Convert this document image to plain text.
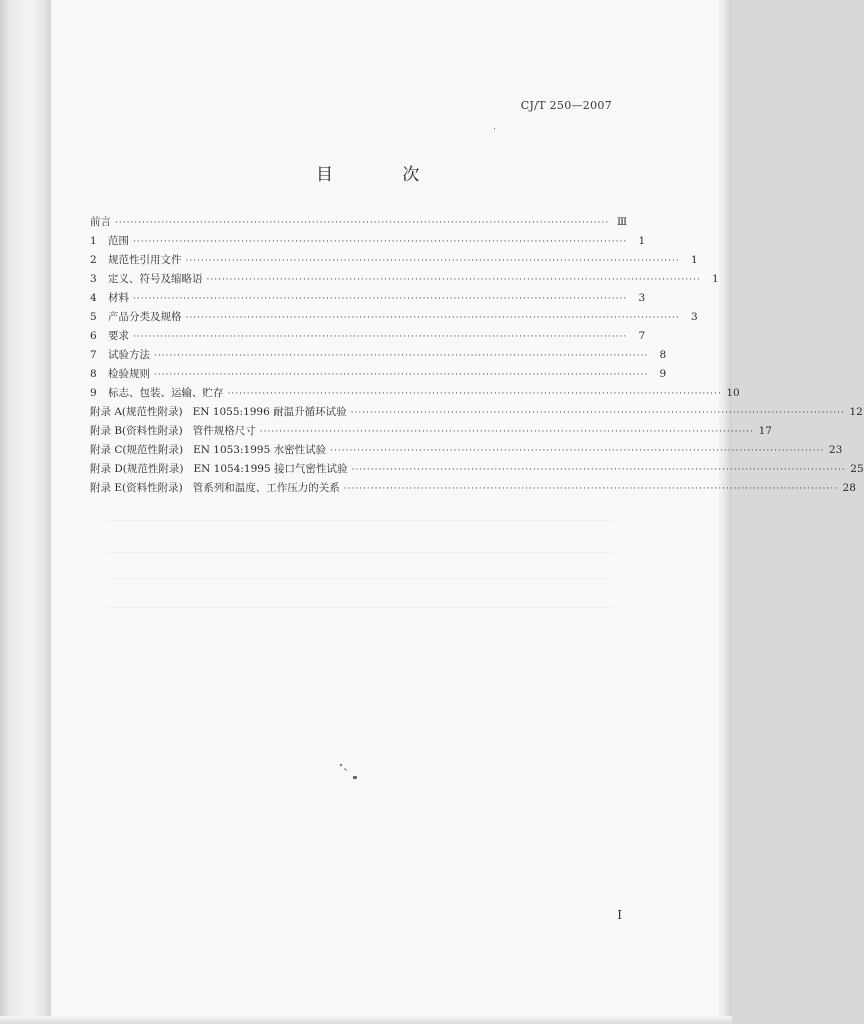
CJ/T 250—2007
目 次
前言 ································································································································ Ⅲ
1	范围 ································································································································	1
2	规范性引用文件 ································································································································	1
3	定义、符号及缩略语 ································································································································	1
4	材料 ································································································································	3
5	产品分类及规格 ································································································································	3
6	要求 ································································································································	7
7	试验方法 ································································································································	8
8	检验规则 ································································································································	9
9	标志、包装、运输、贮存 ································································································································ 10
附录 A(规范性附录)   EN 1055:1996 耐温升循环试验 ································································································································ 12
附录 B(资料性附录)   管件规格尺寸 ································································································································ 17
附录 C(规范性附录)   EN 1053:1995 水密性试验 ································································································································ 23
附录 D(规范性附录)   EN 1054:1995 接口气密性试验 ································································································································ 25
附录 E(资料性附录)   管系列和温度、工作压力的关系 ································································································································ 28
I
